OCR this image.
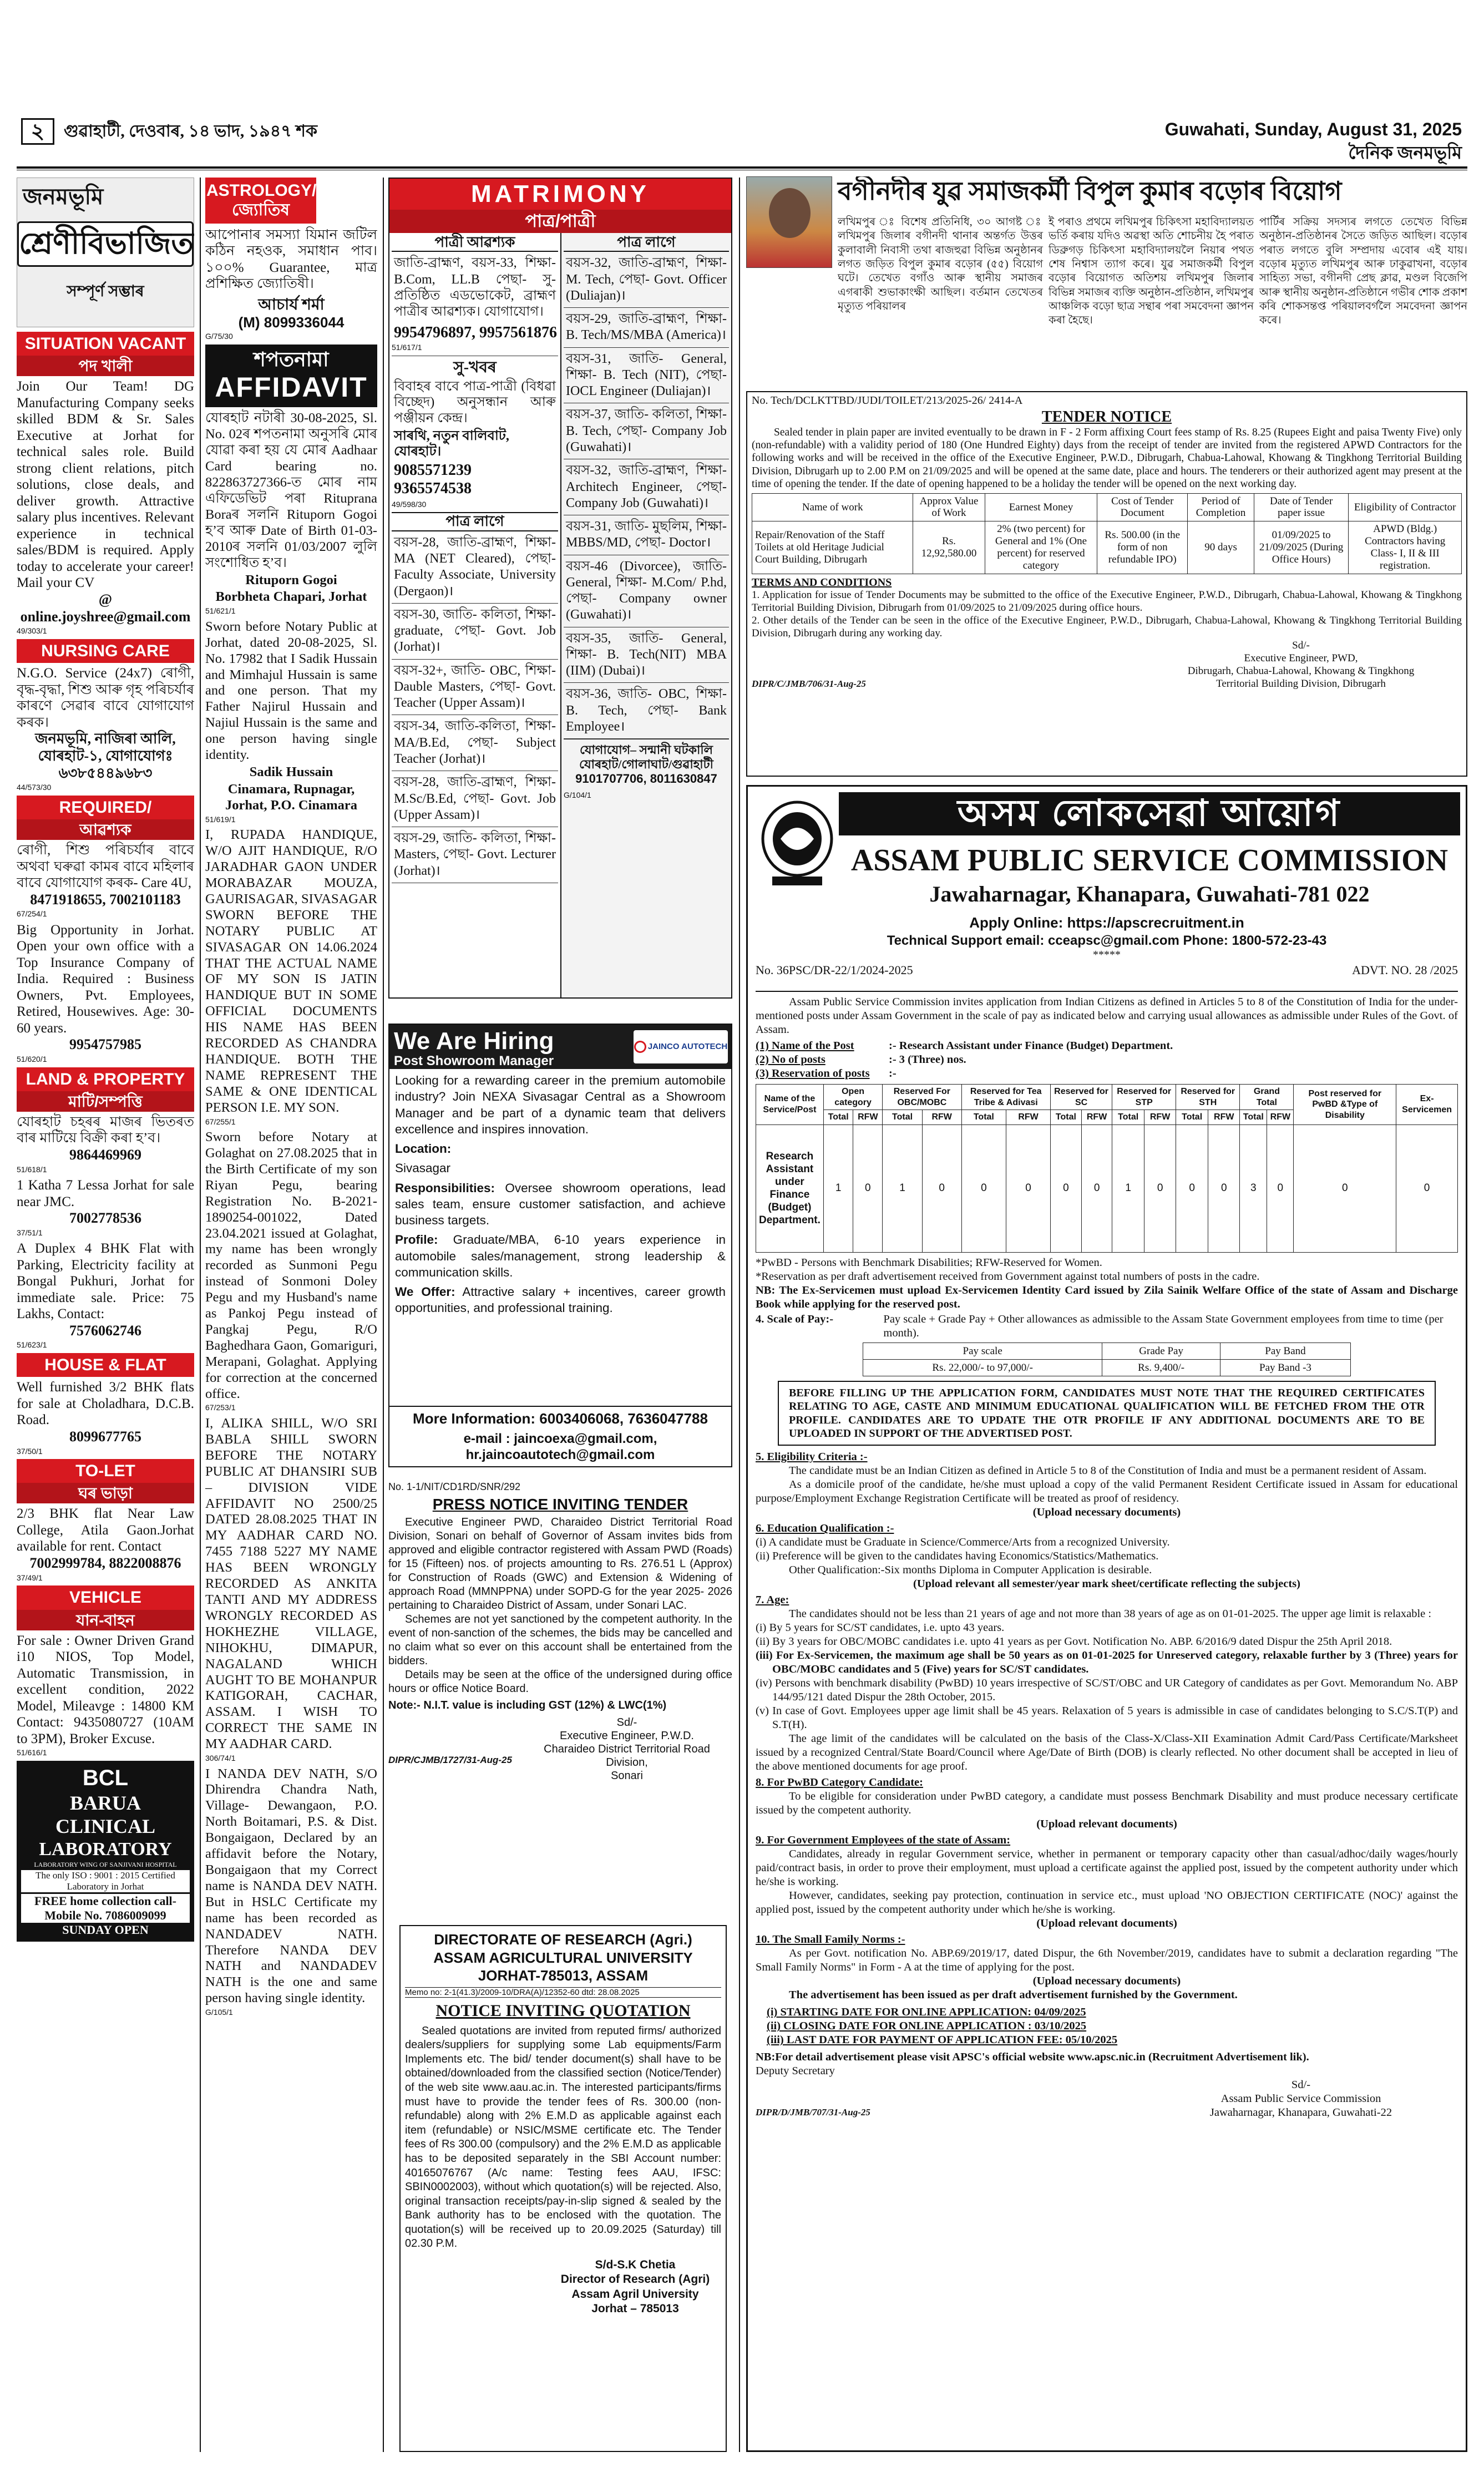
২	গুৱাহাটী, দেওবাৰ, ১৪ ভাদ, ১৯৪৭ শক	Guwahati, Sunday, August 31, 2025
দৈনিক জনমভূমি
জনমভূমি
শ্ৰেণীবিভাজিত
সম্পূৰ্ণ সম্ভাৰ
SITUATION VACANT
পদ খালী
Join Our Team! DG Manufacturing Company seeks skilled BDM & Sr. Sales Executive at Jorhat for technical sales role. Build strong client relations, pitch solutions, close deals, and deliver growth. Attractive salary plus incentives. Relevant experience in technical sales/BDM is required. Apply today to accelerate your career! Mail your CV
@ online.joyshree@gmail.com
49/303/1
NURSING CARE
N.G.O. Service (24x7) ৰোগী, বৃদ্ধ-বৃদ্ধা, শিশু আৰু গৃহ পৰিচৰ্যাৰ কাৰণে সেৱাৰ বাবে যোগাযোগ কৰক।
জনমভূমি, নাজিৰা আলি, যোৰহাট-১, যোগাযোগঃ ৬৩৮৫৪৪৯৬৮৩
44/573/30
REQUIRED/
আৱশ্যক
ৰোগী, শিশু পৰিচৰ্যাৰ বাবে অথবা ঘৰুৱা কামৰ বাবে মহিলাৰ বাবে যোগাযোগ কৰক- Care 4U,
8471918655, 7002101183
67/254/1
Big Opportunity in Jorhat. Open your own office with a Top Insurance Company of India. Required : Business Owners, Pvt. Employees, Retired, Housewives. Age: 30-60 years.
9954757985
51/620/1
LAND & PROPERTY
মাটি/সম্পত্তি
যোৰহাট চহৰৰ মাজৰ ভিতৰত বাৰ মাটিয়ে বিক্ৰী কৰা হ’ব।
9864469969
51/618/1
1 Katha 7 Lessa Jorhat for sale near JMC.
7002778536
37/51/1
A Duplex 4 BHK Flat with Parking, Electricity facility at Bongal Pukhuri, Jorhat for immediate sale. Price: 75 Lakhs, Contact:
7576062746
51/623/1
HOUSE & FLAT
Well furnished 3/2 BHK flats for sale at Choladhara, D.C.B. Road.
8099677765
37/50/1
TO-LET
ঘৰ ভাড়া
2/3 BHK flat Near Law College, Atila Gaon.Jorhat available for rent. Contact
7002999784, 8822008876
37/49/1
VEHICLE
যান-বাহন
For sale : Owner Driven Grand i10 NIOS, Top Model, Automatic Transmission, in excellent condition, 2022 Model, Mileavge : 14800 KM Contact: 9435080727 (10AM to 3PM), Broker Excuse.
51/616/1
BCL
BARUA
CLINICAL
LABORATORY
LABORATORY WING OF SANJIVANI HOSPITAL
The only ISO : 9001 : 2015 Certified Laboratory in Jorhat
FREE home collection call- Mobile No. 7086009099
SUNDAY OPEN
ASTROLOGY/জ্যোতিষ
আপোনাৰ সমস্যা যিমান জটিল কঠিন নহওক, সমাধান পাব। ১০০% Guarantee, মাত্ৰ প্ৰশিক্ষিত জ্যোতিষী।
আচাৰ্য শৰ্মা
(M) 8099336044
G/75/30
শপতনামা
AFFIDAVIT
যোৰহাট নটাৰী 30-08-2025, Sl. No. 02ৰ শপতনামা অনুসৰি মোৰ যোৱা কৰা হয় যে মোৰ Aadhaar Card bearing no. 822863727366-ত মোৰ নাম এফিডেভিট পৰা Rituprana Boraৰ সলনি Rituporn Gogoi হ’ব আৰু Date of Birth 01-03-2010ৰ সলনি 01/03/2007 লুলি সংশোধিত হ’ব।
Rituporn Gogoi
Borbheta Chapari, Jorhat
51/621/1
Sworn before Notary Public at Jorhat, dated 20-08-2025, Sl. No. 17982 that I Sadik Hussain and Mimhajul Hussain is same and one person. That my Father Najirul Hussain and Najiul Hussain is the same and one person having single identity.
Sadik Hussain
Cinamara, Rupnagar, Jorhat, P.O. Cinamara
51/619/1
I, RUPADA HANDIQUE, W/O AJIT HANDIQUE, R/O JARADHAR GAON UNDER MORABAZAR MOUZA, GAURISAGAR, SIVASAGAR SWORN BEFORE THE NOTARY PUBLIC AT SIVASAGAR ON 14.06.2024 THAT THE ACTUAL NAME OF MY SON IS JATIN HANDIQUE BUT IN SOME OFFICIAL DOCUMENTS HIS NAME HAS BEEN RECORDED AS CHANDRA HANDIQUE. BOTH THE NAME REPRESENT THE SAME & ONE IDENTICAL PERSON I.E. MY SON.
67/255/1
Sworn before Notary at Golaghat on 27.08.2025 that in the Birth Certificate of my son Riyan Pegu, bearing Registration No. B-2021-1890254-001022, Dated 23.04.2021 issued at Golaghat, my name has been wrongly recorded as Sunmoni Pegu instead of Sonmoni Doley Pegu and my Husband's name as Pankoj Pegu instead of Pangkaj Pegu, R/O Baghedhara Gaon, Gomariguri, Merapani, Golaghat. Applying for correction at the concerned office.
67/253/1
I, ALIKA SHILL, W/O SRI BABLA SHILL SWORN BEFORE THE NOTARY PUBLIC AT DHANSIRI SUB – DIVISION VIDE AFFIDAVIT NO 2500/25 DATED 28.08.2025 THAT IN MY AADHAR CARD NO. 7455 7188 5227 MY NAME HAS BEEN WRONGLY RECORDED AS ANKITA TANTI AND MY ADDRESS WRONGLY RECORDED AS HOKHEZHE VILLAGE, NIHOKHU, DIMAPUR, NAGALAND WHICH AUGHT TO BE MOHANPUR KATIGORAH, CACHAR, ASSAM. I WISH TO CORRECT THE SAME IN MY AADHAR CARD.
306/74/1
I NANDA DEV NATH, S/O Dhirendra Chandra Nath, Village- Dewangaon, P.O. North Boitamari, P.S. & Dist. Bongaigaon, Declared by an affidavit before the Notary, Bongaigaon that my Correct name is NANDA DEV NATH. But in HSLC Certificate my name has been recorded as NANDADEV NATH. Therefore NANDA DEV NATH and NANDADEV NATH is the one and same person having single identity.
G/105/1
MATRIMONY
পাত্ৰ/পাত্ৰী
পাত্ৰী আৱশ্যক
জাতি-ব্ৰাহ্মণ, বয়স-33, শিক্ষা- B.Com, LL.B পেছা- সু-প্ৰতিষ্ঠিত এডভোকেট, ব্ৰাহ্মণ পাত্ৰীৰ আৱশ্যক। যোগাযোগ।
9954796897, 9957561876
51/617/1
সু-খবৰ
বিবাহৰ বাবে পাত্ৰ-পাত্ৰী (বিধৱা বিচ্ছেদ) অনুসন্ধান আৰু পঞ্জীয়ন কেন্দ্ৰ।
সাৰথি, নতুন বালিবাট, যোৰহাট।
9085571239 9365574538
49/598/30
পাত্ৰ লাগে
বয়স-28, জাতি-ব্ৰাহ্মণ, শিক্ষা- MA (NET Cleared), পেছা- Faculty Associate, University (Dergaon)।
বয়স-30, জাতি- কলিতা, শিক্ষা- graduate, পেছা- Govt. Job (Jorhat)।
বয়স-32+, জাতি- OBC, শিক্ষা- Dauble Masters, পেছা- Govt. Teacher (Upper Assam)।
বয়স-34, জাতি-কলিতা, শিক্ষা- MA/B.Ed, পেছা- Subject Teacher (Jorhat)।
বয়স-28, জাতি-ব্ৰাহ্মণ, শিক্ষা- M.Sc/B.Ed, পেছা- Govt. Job (Upper Assam)।
বয়স-29, জাতি- কলিতা, শিক্ষা- Masters, পেছা- Govt. Lecturer (Jorhat)।
পাত্ৰ লাগে
বয়স-32, জাতি-ব্ৰাহ্মণ, শিক্ষা- M. Tech, পেছা- Govt. Officer (Duliajan)।
বয়স-29, জাতি-ব্ৰাহ্মণ, শিক্ষা- B. Tech/MS/MBA (America)।
বয়স-31, জাতি- General, শিক্ষা- B. Tech (NIT), পেছা- IOCL Engineer (Duliajan)।
বয়স-37, জাতি- কলিতা, শিক্ষা- B. Tech, পেছা- Company Job (Guwahati)।
বয়স-32, জাতি-ব্ৰাহ্মণ, শিক্ষা- Architech Engineer, পেছা- Company Job (Guwahati)।
বয়স-31, জাতি- মুছলিম, শিক্ষা- MBBS/MD, পেছা- Doctor।
বয়স-46 (Divorcee), জাতি- General, শিক্ষা- M.Com/ P.hd, পেছা- Company owner (Guwahati)।
বয়স-35, জাতি- General, শিক্ষা- B. Tech(NIT) MBA (IIM) (Dubai)।
বয়স-36, জাতি- OBC, শিক্ষা- B. Tech, পেছা- Bank Employee।
যোগাযোগ– সন্মানী ঘটকালি
যোৰহাট/গোলাঘাট/গুৱাহাটী
9101707706, 8011630847
G/104/1
We Are Hiring
Post Showroom Manager
JAINCO AUTOTECH
Looking for a rewarding career in the premium automobile industry? Join NEXA Sivasagar Central as a Showroom Manager and be part of a dynamic team that delivers excellence and inspires innovation.
Location:
Sivasagar
Responsibilities: Oversee showroom operations, lead sales team, ensure customer satisfaction, and achieve business targets.
Profile: Graduate/MBA, 6-10 years experience in automobile sales/management, strong leadership & communication skills.
We Offer: Attractive salary + incentives, career growth opportunities, and professional training.
More Information: 6003406068, 7636047788
e-mail : jaincoexa@gmail.com, hr.jaincoautotech@gmail.com
No. 1-1/NIT/CD1RD/SNR/292
PRESS NOTICE INVITING TENDER
Executive Engineer PWD, Charaideo District Territorial Road Division, Sonari on behalf of Governor of Assam invites bids from approved and eligible contractor registered with Assam PWD (Roads) for 15 (Fifteen) nos. of projects amounting to Rs. 276.51 L (Approx) for Construction of Roads (GWC) and Extension & Widening of approach Road (MMNPPNA) under SOPD-G for the year 2025- 2026 pertaining to Charaideo District of Assam, under Sonari LAC.
Schemes are not yet sanctioned by the competent authority. In the event of non-sanction of the schemes, the bids may be cancelled and no claim what so ever on this account shall be entertained from the bidders.
Details may be seen at the office of the undersigned during office hours or office Notice Board.
Note:- N.I.T. value is including GST (12%) & LWC(1%)
Sd/-
Executive Engineer, P.W.D.
Charaideo District Territorial Road Division,
Sonari
DIPR/CJMB/1727/31-Aug-25
DIRECTORATE OF RESEARCH (Agri.)
ASSAM AGRICULTURAL UNIVERSITY
JORHAT-785013, ASSAM
Memo no: 2-1(41.3)/2009-10/DRA(A)/12352-60 dtd: 28.08.2025
NOTICE INVITING QUOTATION
Sealed quotations are invited from reputed firms/ authorized dealers/suppliers for supplying some Lab equipments/Farm Implements etc. The bid/ tender document(s) shall have to be obtained/downloaded from the classified section (Notice/Tender) of the web site www.aau.ac.in. The interested participants/firms must have to provide the tender fees of Rs. 300.00 (non-refundable) along with 2% E.M.D as applicable against each item (refundable) or NSIC/MSME certificate etc. The Tender fees of Rs 300.00 (compulsory) and the 2% E.M.D as applicable has to be deposited separately in the SBI Account number: 40165076767 (A/c name: Testing fees AAU, IFSC: SBIN0002003), without which quotation(s) will be rejected. Also, original transaction receipts/pay-in-slip signed & sealed by the Bank authority has to be enclosed with the quotation. The quotation(s) will be received up to 20.09.2025 (Saturday) till 02.30 P.M.
S/d-S.K Chetia
Director of Research (Agri)
Assam Agril University
Jorhat – 785013
বগীনদীৰ যুৱ সমাজকৰ্মী বিপুল কুমাৰ বড়োৰ বিয়োগ
লখিমপুৰ ঃ বিশেষ প্ৰতিনিধি, ৩০ আগষ্ট ঃ লখিমপুৰ জিলাৰ বগীনদী থানাৰ অন্তৰ্গত উত্তৰ কুলাবালী নিবাসী তথা ৰাজহুৱা বিভিন্ন অনুষ্ঠানৰ লগত জড়িত বিপুল কুমাৰ বড়োৰ (৫৫) বিয়োগ ঘটে। তেখেত বগাঁও আৰু স্থানীয় সমাজৰ এগৰাকী শুভাকাংক্ষী আছিল। বৰ্তমান তেখেতৰ মৃত্যুত পৰিয়ালৰ
ই পৰাও প্ৰথমে লখিমপুৰ চিকিৎসা মহাবিদ্যালয়ত ভৰ্তি কৰায় যদিও অৱস্থা অতি শোচনীয় হৈ পৰাত ডিব্ৰুগড় চিকিৎসা মহাবিদ্যালয়লৈ নিয়াৰ পথত শেষ নিশ্বাস ত্যাগ কৰে। যুৱ সমাজকৰ্মী বিপুল বড়োৰ বিয়োগত অতিশয় লখিমপুৰ জিলাৰ বিভিন্ন সমাজৰ ব্যক্তি অনুষ্ঠান-প্ৰতিষ্ঠান, লখিমপুৰ আঞ্চলিক বড়ো ছাত্ৰ সন্থাৰ পৰা সমবেদনা জ্ঞাপন কৰা হৈছে।
পাৰ্টিৰ সক্ৰিয় সদস্যৰ লগতে তেখেত বিভিন্ন অনুষ্ঠান-প্ৰতিষ্ঠানৰ সৈতে জড়িত আছিল। বড়োৰ পৰাত লগতে বুলি সম্প্ৰদায় এবোৰ এই যায়। বড়োৰ মৃত্যুত লখিমপুৰ আৰু ঢাকুৱাখনা, বড়োৰ সাহিত্য সভা, বগীনদী প্ৰেছ ক্লাৱ, মণ্ডল বিজেপি আৰু স্থানীয় অনুষ্ঠান-প্ৰতিষ্ঠানে গভীৰ শোক প্ৰকাশ কৰি শোকসন্তপ্ত পৰিয়ালবৰ্গলৈ সমবেদনা জ্ঞাপন কৰে।
No. Tech/DCLKTTBD/JUDI/TOILET/213/2025-26/ 2414-A
TENDER NOTICE
Sealed tender in plain paper are invited eventually to be drawn in F - 2 Form affixing Court fees stamp of Rs. 8.25 (Rupees Eight and paisa Twenty Five) only (non-refundable) with a validity period of 180 (One Hundred Eighty) days from the receipt of tender are invited from the registered APWD Contractors for the following works and will be received in the office of the Executive Engineer, P.W.D., Dibrugarh, Chabua-Lahowal, Khowang & Tingkhong Territorial Building Division, Dibrugarh up to 2.00 P.M on 21/09/2025 and will be opened at the same date, place and hours. The tenderers or their authorized agent may present at the time of opening the tender. If the date of opening happened to be a holiday the tender will be opened on the next working day.
Name of work	Approx Value of Work	Earnest Money	Cost of Tender Document	Period of Completion	Date of Tender paper issue	Eligibility of Contractor
Repair/Renovation of the Staff Toilets at old Heritage Judicial Court Building, Dibrugarh	Rs. 12,92,580.00	2% (two percent) for General and 1% (One percent) for reserved category	Rs. 500.00 (in the form of non refundable IPO)	90 days	01/09/2025 to 21/09/2025 (During Office Hours)	APWD (Bldg.) Contractors having Class- I, II & III registration.
TERMS AND CONDITIONS
1. Application for issue of Tender Documents may be submitted to the office of the Executive Engineer, P.W.D., Dibrugarh, Chabua-Lahowal, Khowang & Tingkhong Territorial Building Division, Dibrugarh from 01/09/2025 to 21/09/2025 during office hours.
2. Other details of the Tender can be seen in the office of the Executive Engineer, P.W.D., Dibrugarh, Chabua-Lahowal, Khowang & Tingkhong Territorial Building Division, Dibrugarh during any working day.
Sd/-
Executive Engineer, PWD,
Dibrugarh, Chabua-Lahowal, Khowang & Tingkhong
Territorial Building Division, Dibrugarh
DIPR/C/JMB/706/31-Aug-25
অসম লোকসেৱা আয়োগ
ASSAM PUBLIC SERVICE COMMISSION
Jawaharnagar, Khanapara, Guwahati-781 022
Apply Online: https://apscrecruitment.in
Technical Support email: cceapsc@gmail.com Phone: 1800-572-23-43
*****
No. 36PSC/DR-22/1/2024-2025	ADVT. NO. 28 /2025
Assam Public Service Commission invites application from Indian Citizens as defined in Articles 5 to 8 of the Constitution of India for the under-mentioned posts under Assam Government in the scale of pay as indicated below and carrying usual allowances as admissible under Rules of the Govt. of Assam.
(1) Name of the Post	:- Research Assistant under Finance (Budget) Department.
(2) No of posts	:- 3 (Three) nos.
(3) Reservation of posts	:-
Name of the Service/Post	Open category		Reserved For OBC/MOBC		Reserved for Tea Tribe & Adivasi		Reserved for SC		Reserved for STP		Reserved for STH		Grand Total		Post reserved for PwBD &Type of Disability	Ex-Servicemen
	Total	RFW	Total	RFW	Total	RFW	Total	RFW	Total	RFW	Total	RFW	Total	RFW		
Research Assistant under Finance (Budget) Department.	1	0	1	0	0	0	0	0	1	0	0	0	3	0	0	0
*PwBD - Persons with Benchmark Disabilities; RFW-Reserved for Women.
*Reservation as per draft advertisement received from Government against total numbers of posts in the cadre.
NB: The Ex-Servicemen must upload Ex-Servicemen Identity Card issued by Zila Sainik Welfare Office of the state of Assam and Discharge Book while applying for the reserved post.
4. Scale of Pay:-	Pay scale + Grade Pay + Other allowances as admissible to the Assam State Government employees from time to time (per month).
Pay scale	Grade Pay	Pay Band
Rs. 22,000/- to 97,000/-	Rs. 9,400/-	Pay Band -3
BEFORE FILLING UP THE APPLICATION FORM, CANDIDATES MUST NOTE THAT THE REQUIRED CERTIFICATES RELATING TO AGE, CASTE AND MINIMUM EDUCATIONAL QUALIFICATION WILL BE FETCHED FROM THE OTR PROFILE. CANDIDATES ARE TO UPDATE THE OTR PROFILE IF ANY ADDITIONAL DOCUMENTS ARE TO BE UPLOADED IN SUPPORT OF THE ADVERTISED POST.
5. Eligibility Criteria :-
The candidate must be an Indian Citizen as defined in Article 5 to 8 of the Constitution of India and must be a permanent resident of Assam.
As a domicile proof of the candidate, he/she must upload a copy of the valid Permanent Resident Certificate issued in Assam for educational purpose/Employment Exchange Registration Certificate will be treated as proof of residency.
(Upload necessary documents)
6. Education Qualification :-
(i) A candidate must be Graduate in Science/Commerce/Arts from a recognized University.
(ii) Preference will be given to the candidates having Economics/Statistics/Mathematics.
Other Qualification:-Six months Diploma in Computer Application is desirable.
(Upload relevant all semester/year mark sheet/certificate reflecting the subjects)
7. Age:
The candidates should not be less than 21 years of age and not more than 38 years of age as on 01-01-2025. The upper age limit is relaxable :
(i) By 5 years for SC/ST candidates, i.e. upto 43 years.
(ii) By 3 years for OBC/MOBC candidates i.e. upto 41 years as per Govt. Notification No. ABP. 6/2016/9 dated Dispur the 25th April 2018.
(iii) For Ex-Servicemen, the maximum age shall be 50 years as on 01-01-2025 for Unreserved category, relaxable further by 3 (Three) years for OBC/MOBC candidates and 5 (Five) years for SC/ST candidates.
(iv) Persons with benchmark disability (PwBD) 10 years irrespective of SC/ST/OBC and UR Category of candidates as per Govt. Memorandum No. ABP 144/95/121 dated Dispur the 28th October, 2015.
(v) In case of Govt. Employees upper age limit shall be 45 years. Relaxation of 5 years is admissible in case of candidates belonging to S.C/S.T(P) and S.T(H).
The age limit of the candidates will be calculated on the basis of the Class-X/Class-XII Examination Admit Card/Pass Certificate/Marksheet issued by a recognized Central/State Board/Council where Age/Date of Birth (DOB) is clearly reflected. No other document shall be accepted in lieu of the above mentioned documents for age proof.
8. For PwBD Category Candidate:
To be eligible for consideration under PwBD category, a candidate must possess Benchmark Disability and must produce necessary certificate issued by the competent authority.
(Upload relevant documents)
9. For Government Employees of the state of Assam:
Candidates, already in regular Government service, whether in permanent or temporary capacity other than casual/adhoc/daily wages/hourly paid/contract basis, in order to prove their employment, must upload a certificate against the applied post, issued by the competent authority under which he/she is working.
However, candidates, seeking pay protection, continuation in service etc., must upload 'NO OBJECTION CERTIFICATE (NOC)' against the applied post, issued by the competent authority under which he/she is working.
(Upload relevant documents)
10. The Small Family Norms :-
As per Govt. notification No. ABP.69/2019/17, dated Dispur, the 6th November/2019, candidates have to submit a declaration regarding "The Small Family Norms" in Form - A at the time of applying for the post.
(Upload necessary documents)
The advertisement has been issued as per draft advertisement furnished by the Government.
(i) STARTING DATE FOR ONLINE APPLICATION: 04/09/2025
(ii) CLOSING DATE FOR ONLINE APPLICATION : 03/10/2025
(iii) LAST DATE FOR PAYMENT OF APPLICATION FEE: 05/10/2025
NB:For detail advertisement please visit APSC's official website www.apsc.nic.in (Recruitment Advertisement lik).
Deputy Secretary
Sd/-
Assam Public Service Commission
Jawaharnagar, Khanapara, Guwahati-22
DIPR/D/JMB/707/31-Aug-25
